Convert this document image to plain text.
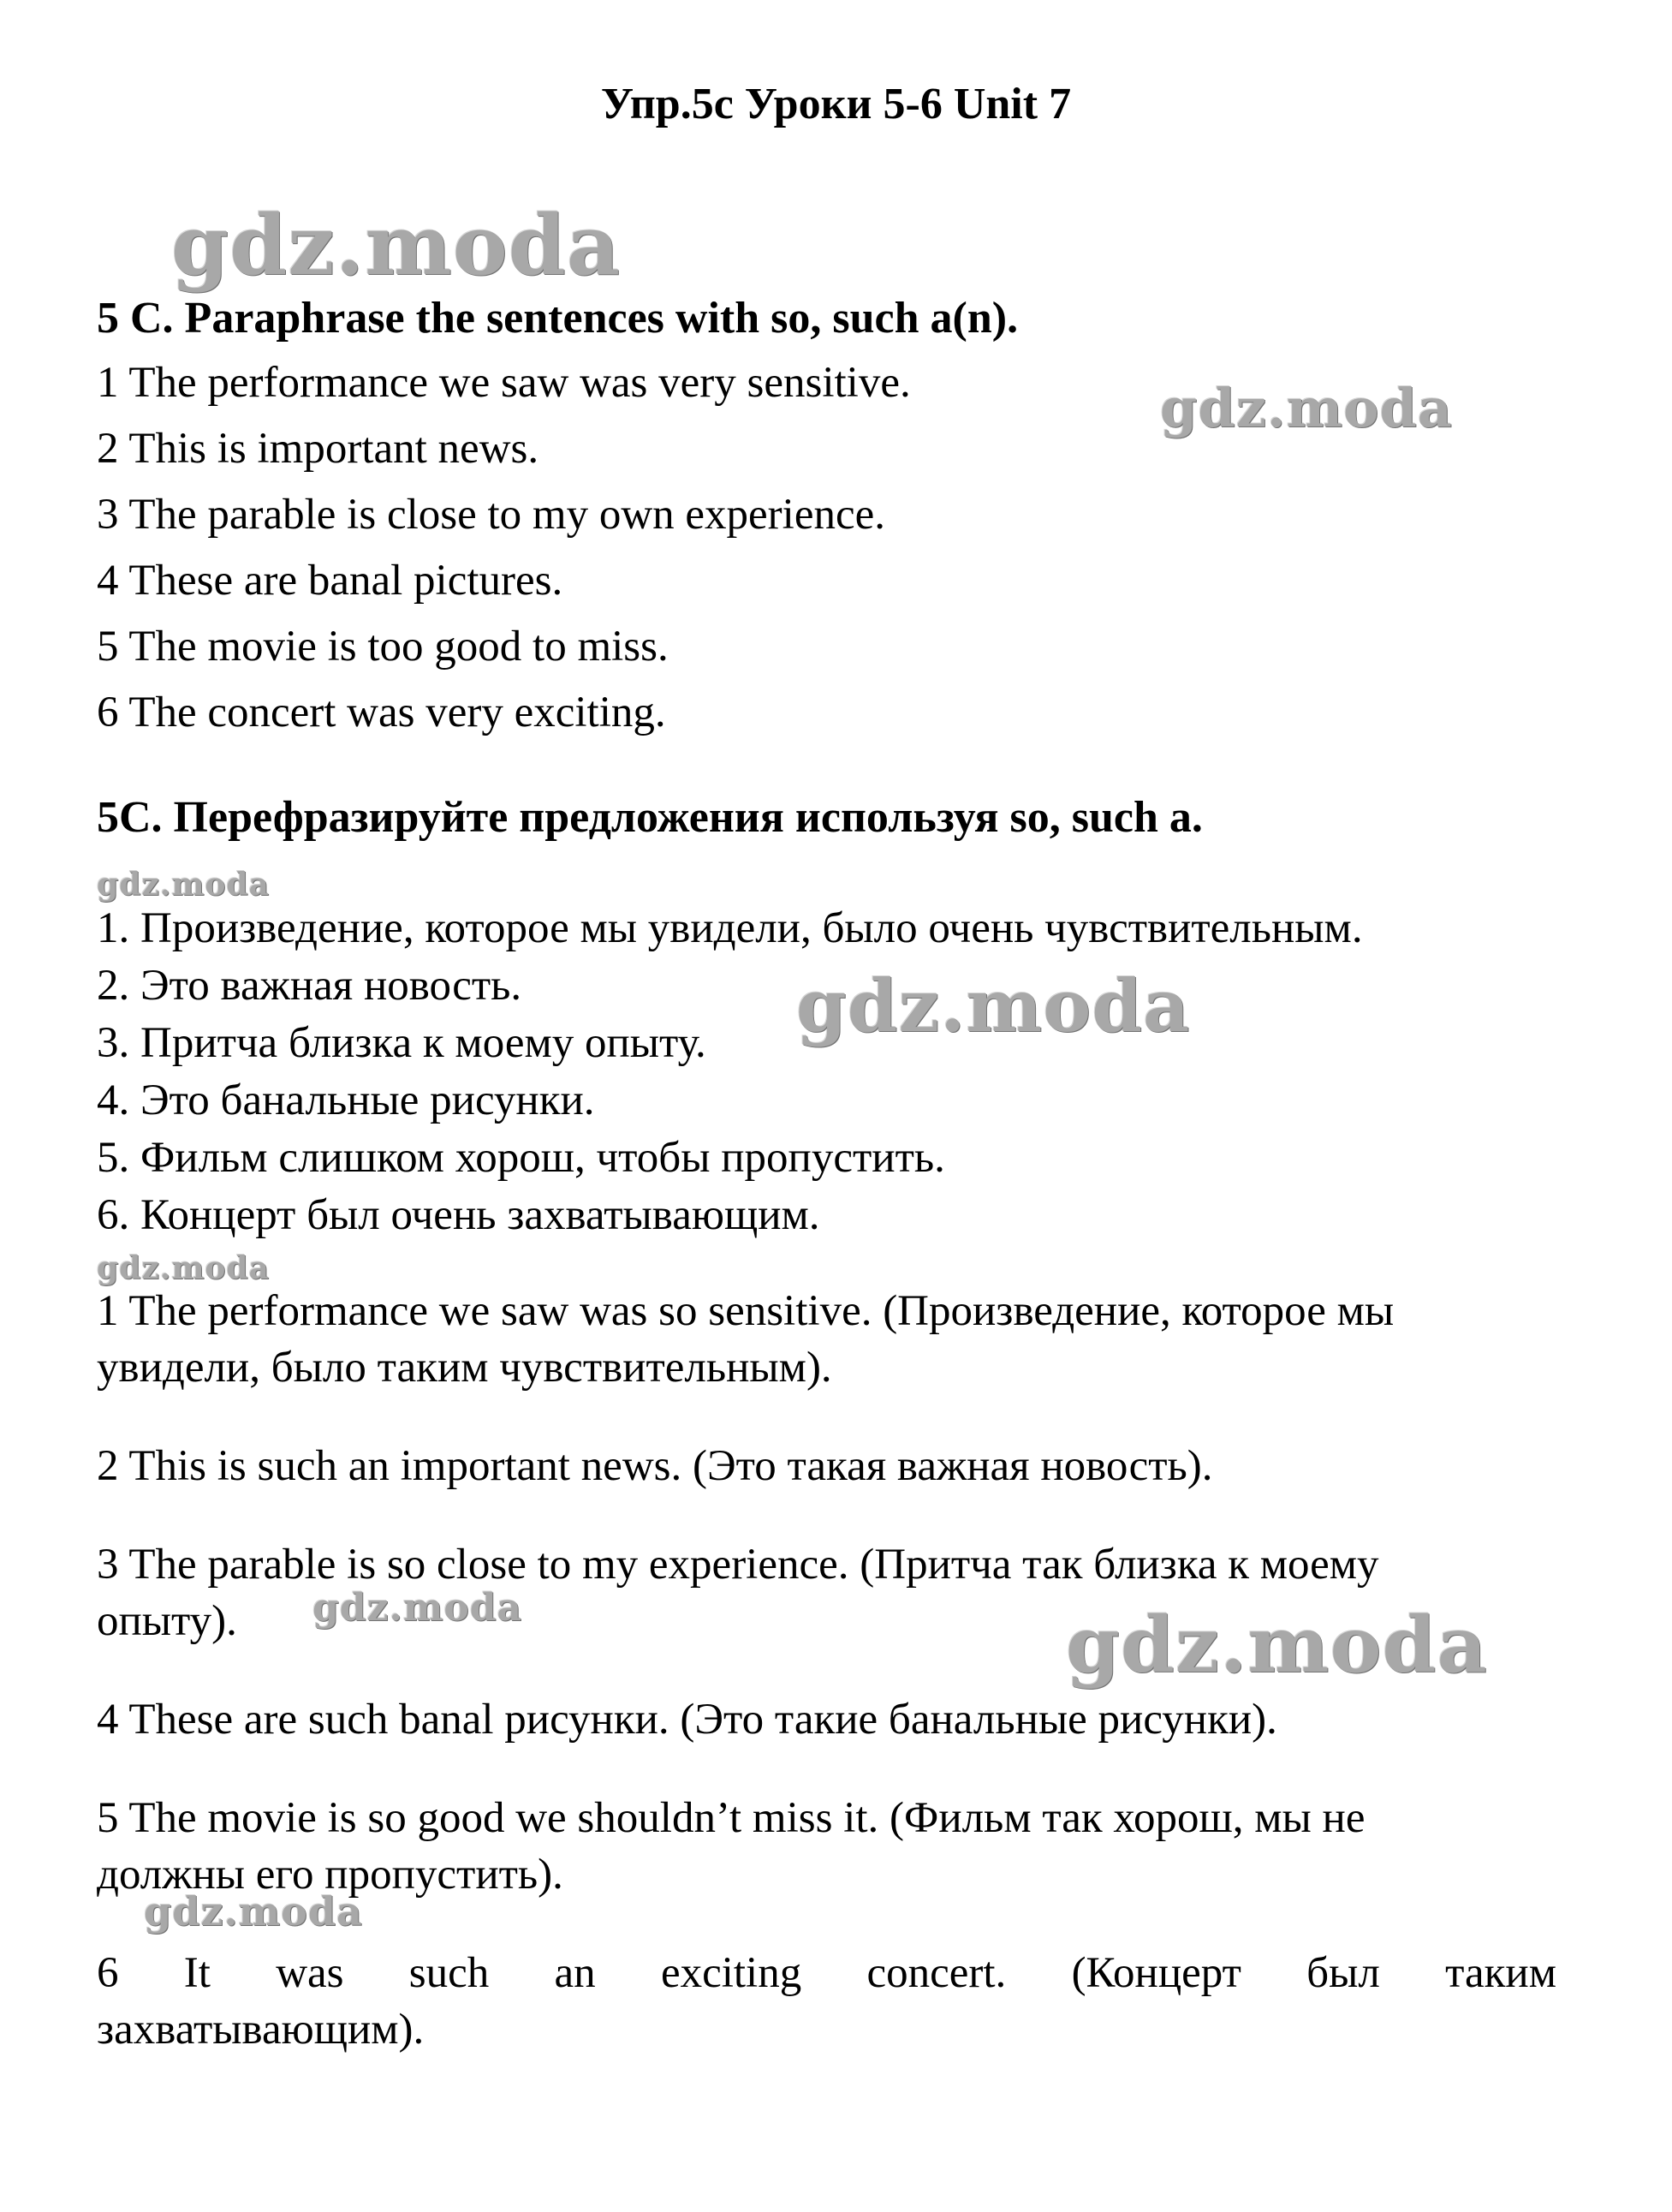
Упр.5c Уроки 5-6 Unit 7
gdz.moda
gdz.moda
gdz.moda
gdz.moda
gdz.moda
gdz.moda	gdz.moda
gdz.moda
5 C. Paraphrase the sentences with so, such a(n).
1 The performance we saw was very sensitive.
2 This is important news.
3 The parable is close to my own experience.
4 These are banal pictures.
5 The movie is too good to miss.
6 The concert was very exciting.
5C. Перефразируйте предложения используя so, such a.
1. Произведение, которое мы увидели, было очень чувствительным.
2. Это важная новость.
3. Притча близка к моему опыту.
4. Это банальные рисунки.
5. Фильм слишком хорош, чтобы пропустить.
6. Концерт был очень захватывающим.
1 The performance we saw was so sensitive. (Произведение, которое мы
увидели, было таким чувствительным).
2 This is such an important news. (Это такая важная новость).
3 The parable is so close to my experience. (Притча так близка к моему
опыту).
4 These are such banal рисунки. (Это такие банальные рисунки).
5 The movie is so good we shouldn’t miss it. (Фильм так хорош, мы не
должны его пропустить).
6 It was such an exciting concert. (Концерт был таким
захватывающим).
